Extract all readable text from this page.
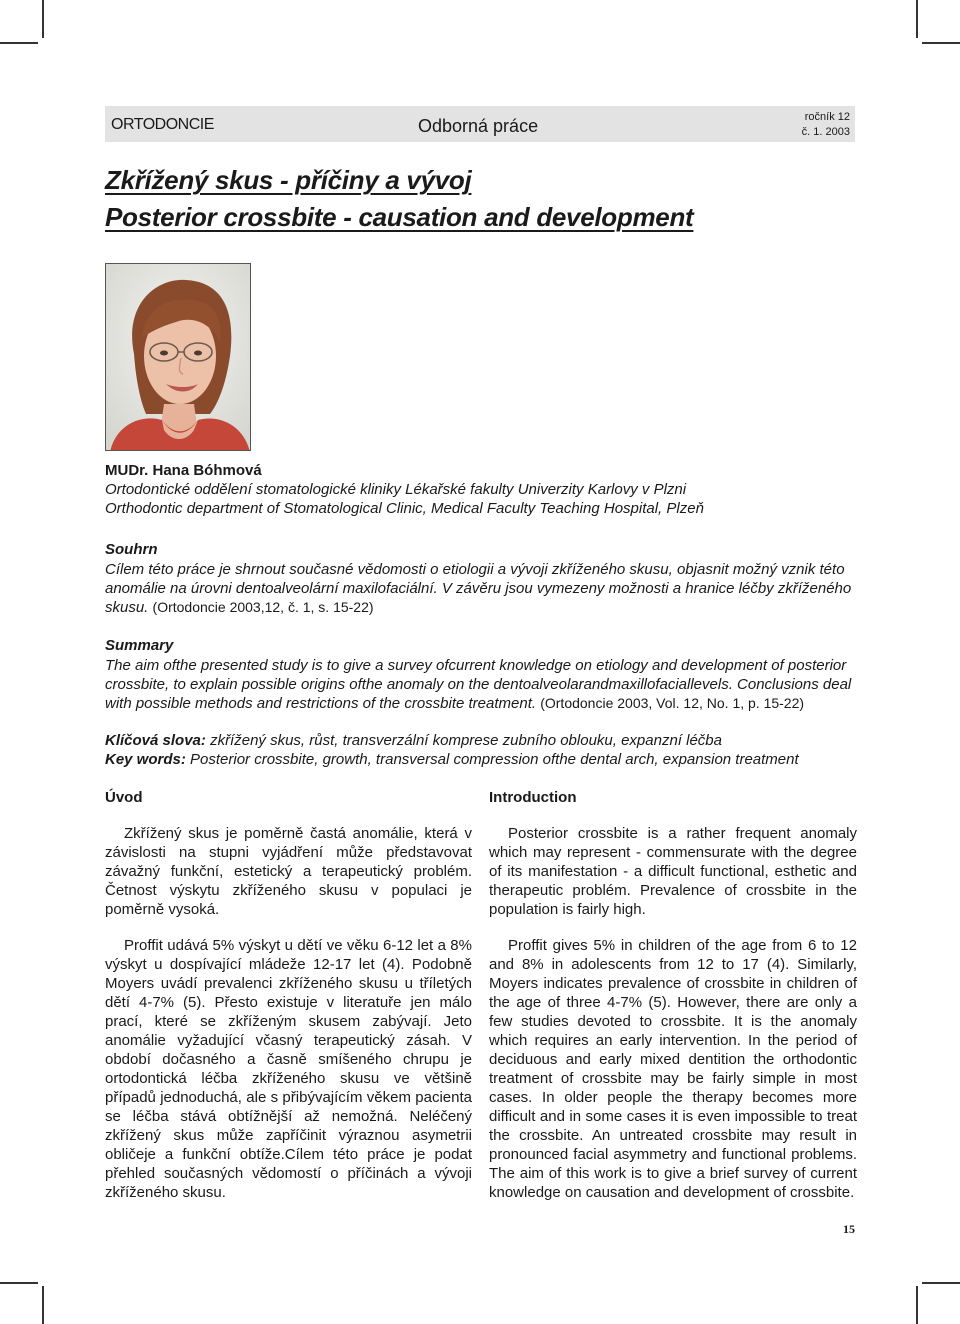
ORTODONCIE	Odborná práce	ročník 12
č. 1. 2003
Zkřížený skus - příčiny a vývoj
Posterior crossbite - causation and development
MUDr. Hana Bóhmová
Ortodontické oddělení stomatologické kliniky Lékařské fakulty Univerzity Karlovy v Plzni
Orthodontic department of Stomatological Clinic, Medical Faculty Teaching Hospital, Plzeň
Souhrn
Cílem této práce je shrnout současné vědomosti o etiologii a vývoji zkříženého skusu, objasnit možný vznik této anomálie na úrovni dentoalveolární maxilofaciální. V závěru jsou vymezeny možnosti a hranice léčby zkříženého skusu. (Ortodoncie 2003,12, č. 1, s. 15-22)
Summary
The aim ofthe presented study is to give a survey ofcurrent knowledge on etiology and development of posterior crossbite, to explain possible origins ofthe anomaly on the dentoalveolarandmaxillofaciallevels. Conclusions deal with possible methods and restrictions of the crossbite treatment. (Ortodoncie 2003, Vol. 12, No. 1, p. 15-22)
Klíčová slova: zkřížený skus, růst, transverzální komprese zubního oblouku, expanzní léčba
Key words: Posterior crossbite, growth, transversal compression ofthe dental arch, expansion treatment
Úvod

Zkřížený skus je poměrně častá anomálie, která v závislosti na stupni vyjádření může představovat závažný funkční, estetický a terapeutický problém. Četnost výskytu zkříženého skusu v populaci je poměrně vysoká.

Proffit udává 5% výskyt u dětí ve věku 6-12 let a 8% výskyt u dospívající mládeže 12-17 let (4). Podobně Moyers uvádí prevalenci zkříženého skusu u tříletých dětí 4-7% (5). Přesto existuje v literatuře jen málo prací, které se zkříženým skusem zabývají. Jeto anomálie vyžadující včasný terapeutický zásah. V období dočasného a časně smíšeného chrupu je ortodontická léčba zkříženého skusu ve většině případů jednoduchá, ale s přibývajícím věkem pacienta se léčba stává obtížnější až nemožná. Neléčený zkřížený skus může zapříčinit výraznou asymetrii obličeje a funkční obtíže.Cílem této práce je podat přehled současných vědomostí o příčinách a vývoji zkříženého skusu.

Introduction

Posterior crossbite is a rather frequent anomaly which may represent - commensurate with the degree of its manifestation - a difficult functional, esthetic and therapeutic problém. Prevalence of crossbite in the population is fairly high.

Proffit gives 5% in children of the age from 6 to 12 and 8% in adolescents from 12 to 17 (4). Similarly, Moyers indicates prevalence of crossbite in children of the age of three 4-7% (5). However, there are only a few studies devoted to crossbite. It is the anomaly which requires an early intervention. In the period of deciduous and early mixed dentition the orthodontic treatment of crossbite may be fairly simple in most cases. In older people the therapy becomes more difficult and in some cases it is even impossible to treat the crossbite. An untreated crossbite may result in pronounced facial asymmetry and functional problems. The aim of this work is to give a brief survey of current knowledge on causation and development of crossbite.

15
